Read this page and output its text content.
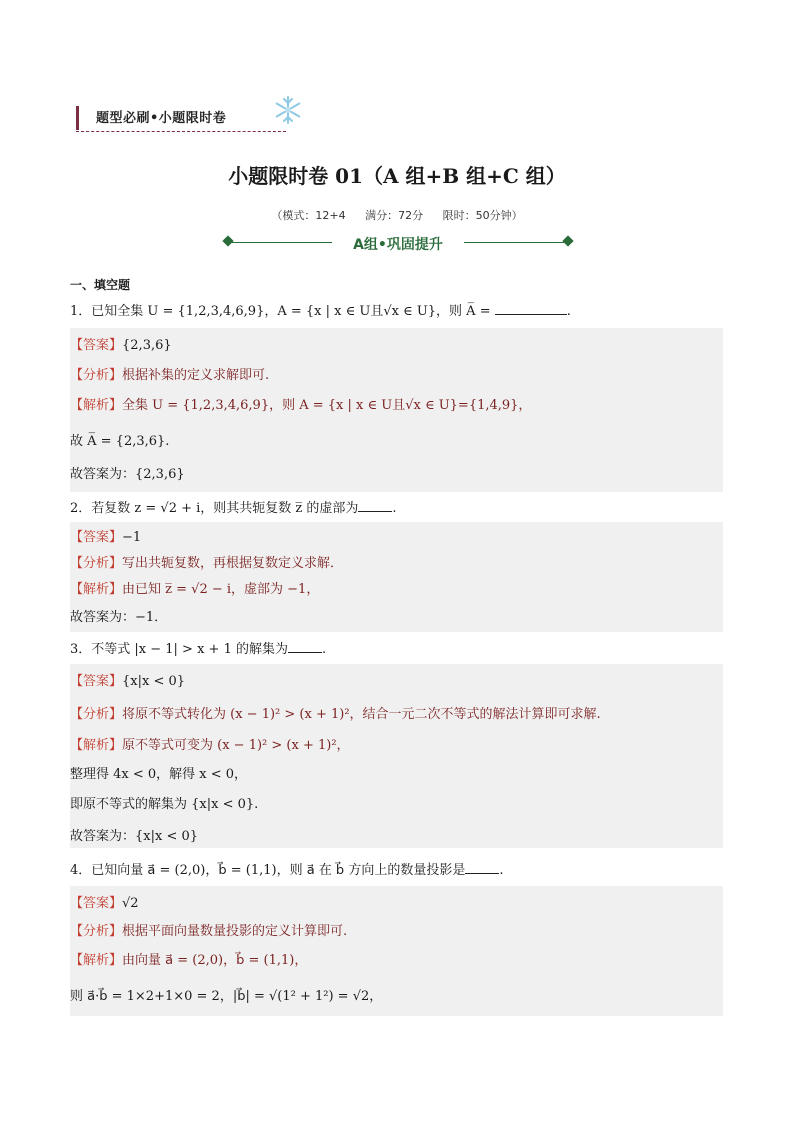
题型必刷•小题限时卷
小题限时卷 01（A 组+B 组+C 组）
（模式：12+4 满分：72分 限时：50分钟）
A组•巩固提升
一、填空题
1．已知全集 U = {1,2,3,4,6,9}，A = {x | x ∈ U且√x ∈ U}，则 A̅ =	.
【答案】{2,3,6}
【分析】根据补集的定义求解即可.
【解析】全集 U = {1,2,3,4,6,9}，则 A = {x | x ∈ U且√x ∈ U}={1,4,9}，
故 A̅ = {2,3,6}.
故答案为：{2,3,6}
2．若复数 z = √2 + i，则其共轭复数 z̅ 的虚部为	.
【答案】−1
【分析】写出共轭复数，再根据复数定义求解．
【解析】由已知 z̅ = √2 − i，虚部为 −1，
故答案为：−1．
3．不等式 |x − 1| > x + 1 的解集为	.
【答案】{x|x < 0}
【分析】将原不等式转化为 (x − 1)² > (x + 1)²，结合一元二次不等式的解法计算即可求解.
【解析】原不等式可变为 (x − 1)² > (x + 1)²，
整理得 4x < 0，解得 x < 0，
即原不等式的解集为 {x|x < 0}.
故答案为：{x|x < 0}
4．已知向量 a⃗ = (2,0)，b⃗ = (1,1)，则 a⃗ 在 b⃗ 方向上的数量投影是	.
【答案】√2
【分析】根据平面向量数量投影的定义计算即可.
【解析】由向量 a⃗ = (2,0)，b⃗ = (1,1)，
则 a⃗·b⃗ = 1×2+1×0 = 2，|b⃗| = √(1² + 1²) = √2，
